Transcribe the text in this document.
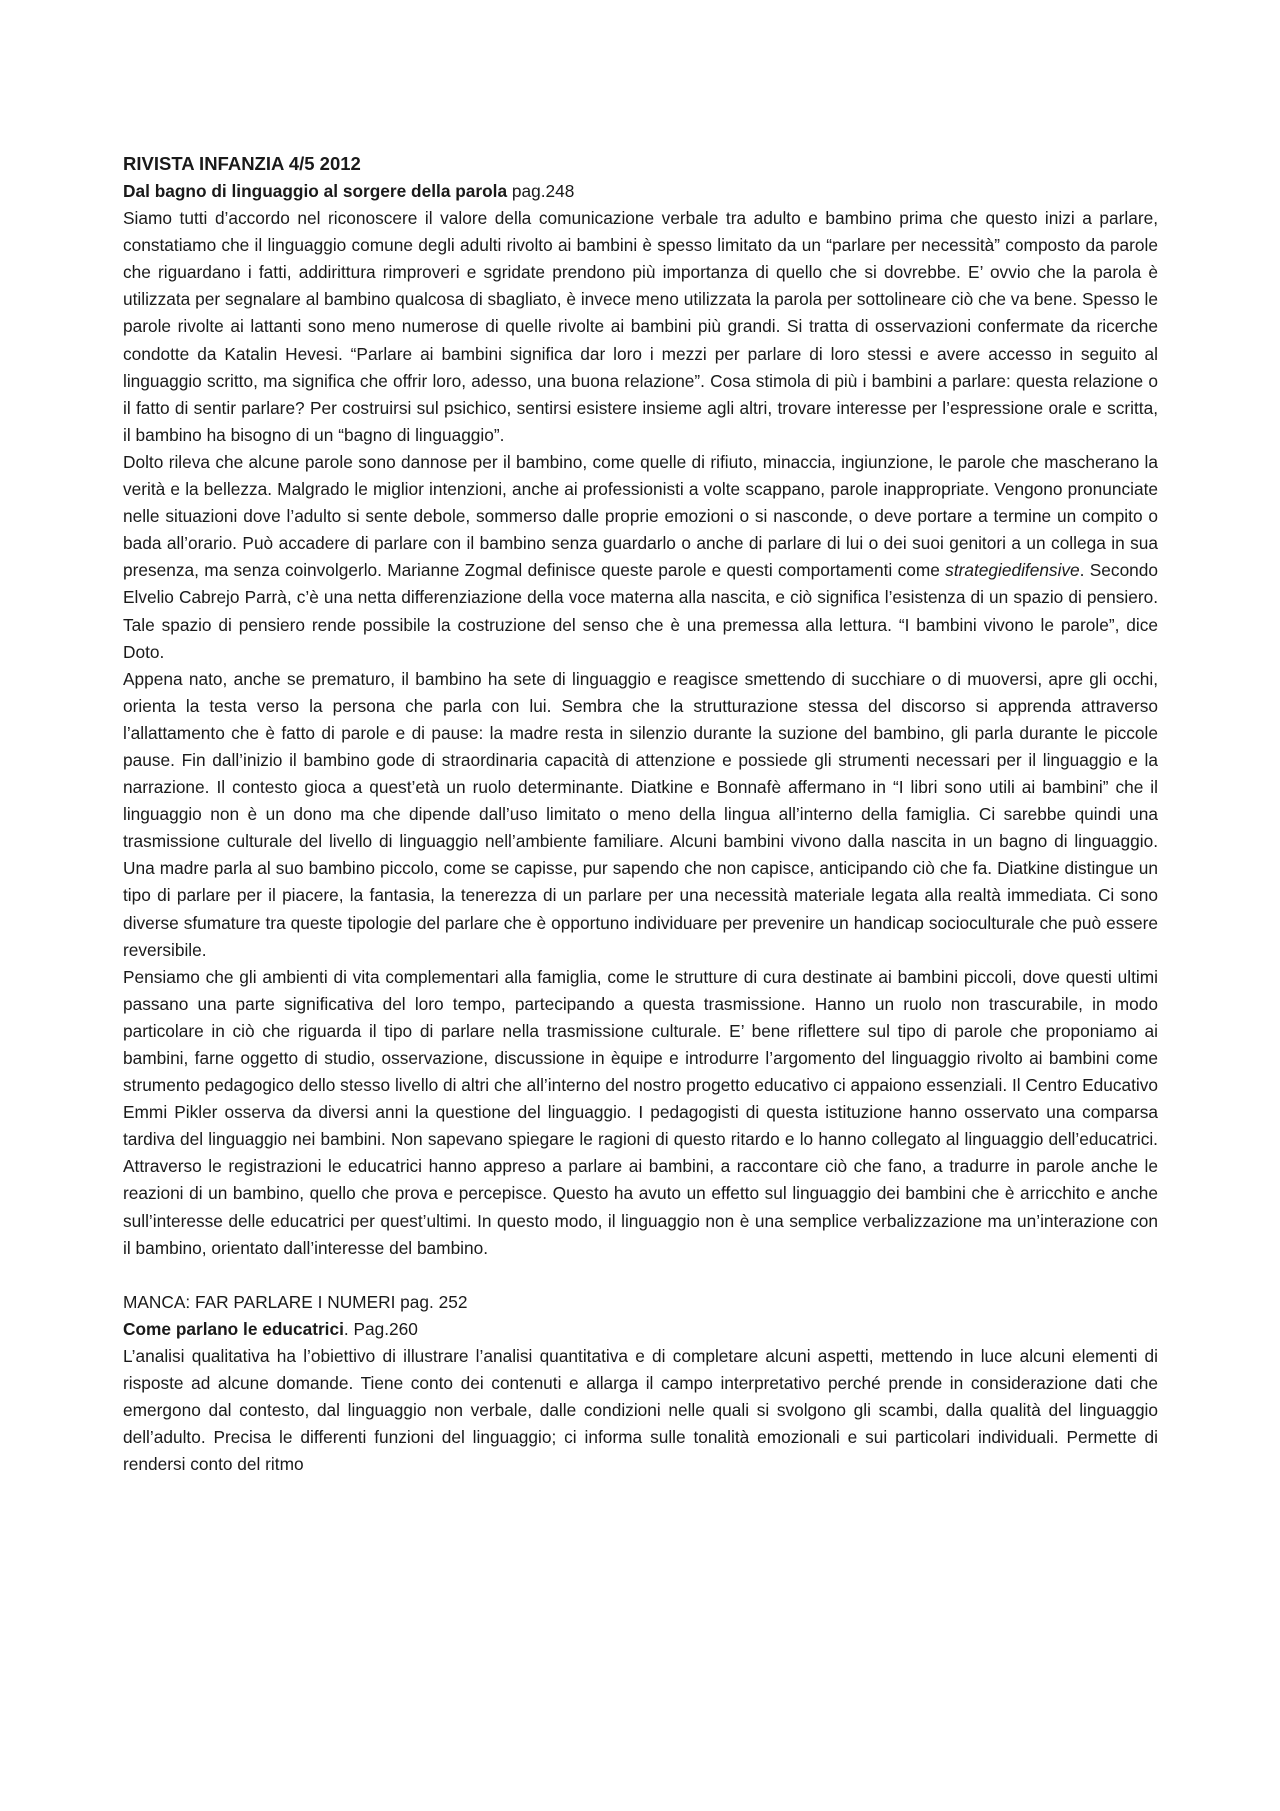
RIVISTA INFANZIA 4/5 2012
Dal bagno di linguaggio al sorgere della parola pag.248

Siamo tutti d’accordo nel riconoscere il valore della comunicazione verbale tra adulto e bambino prima che questo inizi a parlare, constatiamo che il linguaggio comune degli adulti rivolto ai bambini è spesso limitato da un “parlare per necessità” composto da parole che riguardano i fatti, addirittura rimproveri e sgridate prendono più importanza di quello che si dovrebbe. E’ ovvio che la parola è utilizzata per segnalare al bambino qualcosa di sbagliato, è invece meno utilizzata la parola per sottolineare ciò che va bene. Spesso le parole rivolte ai lattanti sono meno numerose di quelle rivolte ai bambini più grandi. Si tratta di osservazioni confermate da ricerche condotte da Katalin Hevesi. “Parlare ai bambini significa dar loro i mezzi per parlare di loro stessi e avere accesso in seguito al linguaggio scritto, ma significa che offrir loro, adesso, una buona relazione”. Cosa stimola di più i bambini a parlare: questa relazione o il fatto di sentir parlare? Per costruirsi sul psichico, sentirsi esistere insieme agli altri, trovare interesse per l’espressione orale e scritta, il bambino ha bisogno di un “bagno di linguaggio”.

Dolto rileva che alcune parole sono dannose per il bambino, come quelle di rifiuto, minaccia, ingiunzione, le parole che mascherano la verità e la bellezza. Malgrado le miglior intenzioni, anche ai professionisti a volte scappano, parole inappropriate. Vengono pronunciate nelle situazioni dove l’adulto si sente debole, sommerso dalle proprie emozioni o si nasconde, o deve portare a termine un compito o bada all’orario. Può accadere di parlare con il bambino senza guardarlo o anche di parlare di lui o dei suoi genitori a un collega in sua presenza, ma senza coinvolgerlo. Marianne Zogmal definisce queste parole e questi comportamenti come strategiedifensive. Secondo Elvelio Cabrejo Parrà, c’è una netta differenziazione della voce materna alla nascita, e ciò significa l’esistenza di un spazio di pensiero. Tale spazio di pensiero rende possibile la costruzione del senso che è una premessa alla lettura. “I bambini vivono le parole”, dice Doto.

Appena nato, anche se prematuro, il bambino ha sete di linguaggio e reagisce smettendo di succhiare o di muoversi, apre gli occhi, orienta la testa verso la persona che parla con lui. Sembra che la strutturazione stessa del discorso si apprenda attraverso l’allattamento che è fatto di parole e di pause: la madre resta in silenzio durante la suzione del bambino, gli parla durante le piccole pause. Fin dall’inizio il bambino gode di straordinaria capacità di attenzione e possiede gli strumenti necessari per il linguaggio e la narrazione. Il contesto gioca a quest’età un ruolo determinante. Diatkine e Bonnafè affermano in “I libri sono utili ai bambini” che il linguaggio non è un dono ma che dipende dall’uso limitato o meno della lingua all’interno della famiglia. Ci sarebbe quindi una trasmissione culturale del livello di linguaggio nell’ambiente familiare. Alcuni bambini vivono dalla nascita in un bagno di linguaggio. Una madre parla al suo bambino piccolo, come se capisse, pur sapendo che non capisce, anticipando ciò che fa. Diatkine distingue un tipo di parlare per il piacere, la fantasia, la tenerezza di un parlare per una necessità materiale legata alla realtà immediata. Ci sono diverse sfumature tra queste tipologie del parlare che è opportuno individuare per prevenire un handicap socioculturale che può essere reversibile.

Pensiamo che gli ambienti di vita complementari alla famiglia, come le strutture di cura destinate ai bambini piccoli, dove questi ultimi passano una parte significativa del loro tempo, partecipando a questa trasmissione. Hanno un ruolo non trascurabile, in modo particolare in ciò che riguarda il tipo di parlare nella trasmissione culturale. E’ bene riflettere sul tipo di parole che proponiamo ai bambini, farne oggetto di studio, osservazione, discussione in èquipe e introdurre l’argomento del linguaggio rivolto ai bambini come strumento pedagogico dello stesso livello di altri che all’interno del nostro progetto educativo ci appaiono essenziali. Il Centro Educativo Emmi Pikler osserva da diversi anni la questione del linguaggio. I pedagogisti di questa istituzione hanno osservato una comparsa tardiva del linguaggio nei bambini. Non sapevano spiegare le ragioni di questo ritardo e lo hanno collegato al linguaggio dell’educatrici. Attraverso le registrazioni le educatrici hanno appreso a parlare ai bambini, a raccontare ciò che fano, a tradurre in parole anche le reazioni di un bambino, quello che prova e percepisce. Questo ha avuto un effetto sul linguaggio dei bambini che è arricchito e anche sull’interesse delle educatrici per quest’ultimi. In questo modo, il linguaggio non è una semplice verbalizzazione ma un’interazione con il bambino, orientato dall’interesse del bambino.

MANCA: FAR PARLARE I NUMERI pag. 252

Come parlano le educatrici. Pag.260

L’analisi qualitativa ha l’obiettivo di illustrare l’analisi quantitativa e di completare alcuni aspetti, mettendo in luce alcuni elementi di risposte ad alcune domande. Tiene conto dei contenuti e allarga il campo interpretativo perché prende in considerazione dati che emergono dal contesto, dal linguaggio non verbale, dalle condizioni nelle quali si svolgono gli scambi, dalla qualità del linguaggio dell’adulto. Precisa le differenti funzioni del linguaggio; ci informa sulle tonalità emozionali e sui particolari individuali. Permette di rendersi conto del ritmo
